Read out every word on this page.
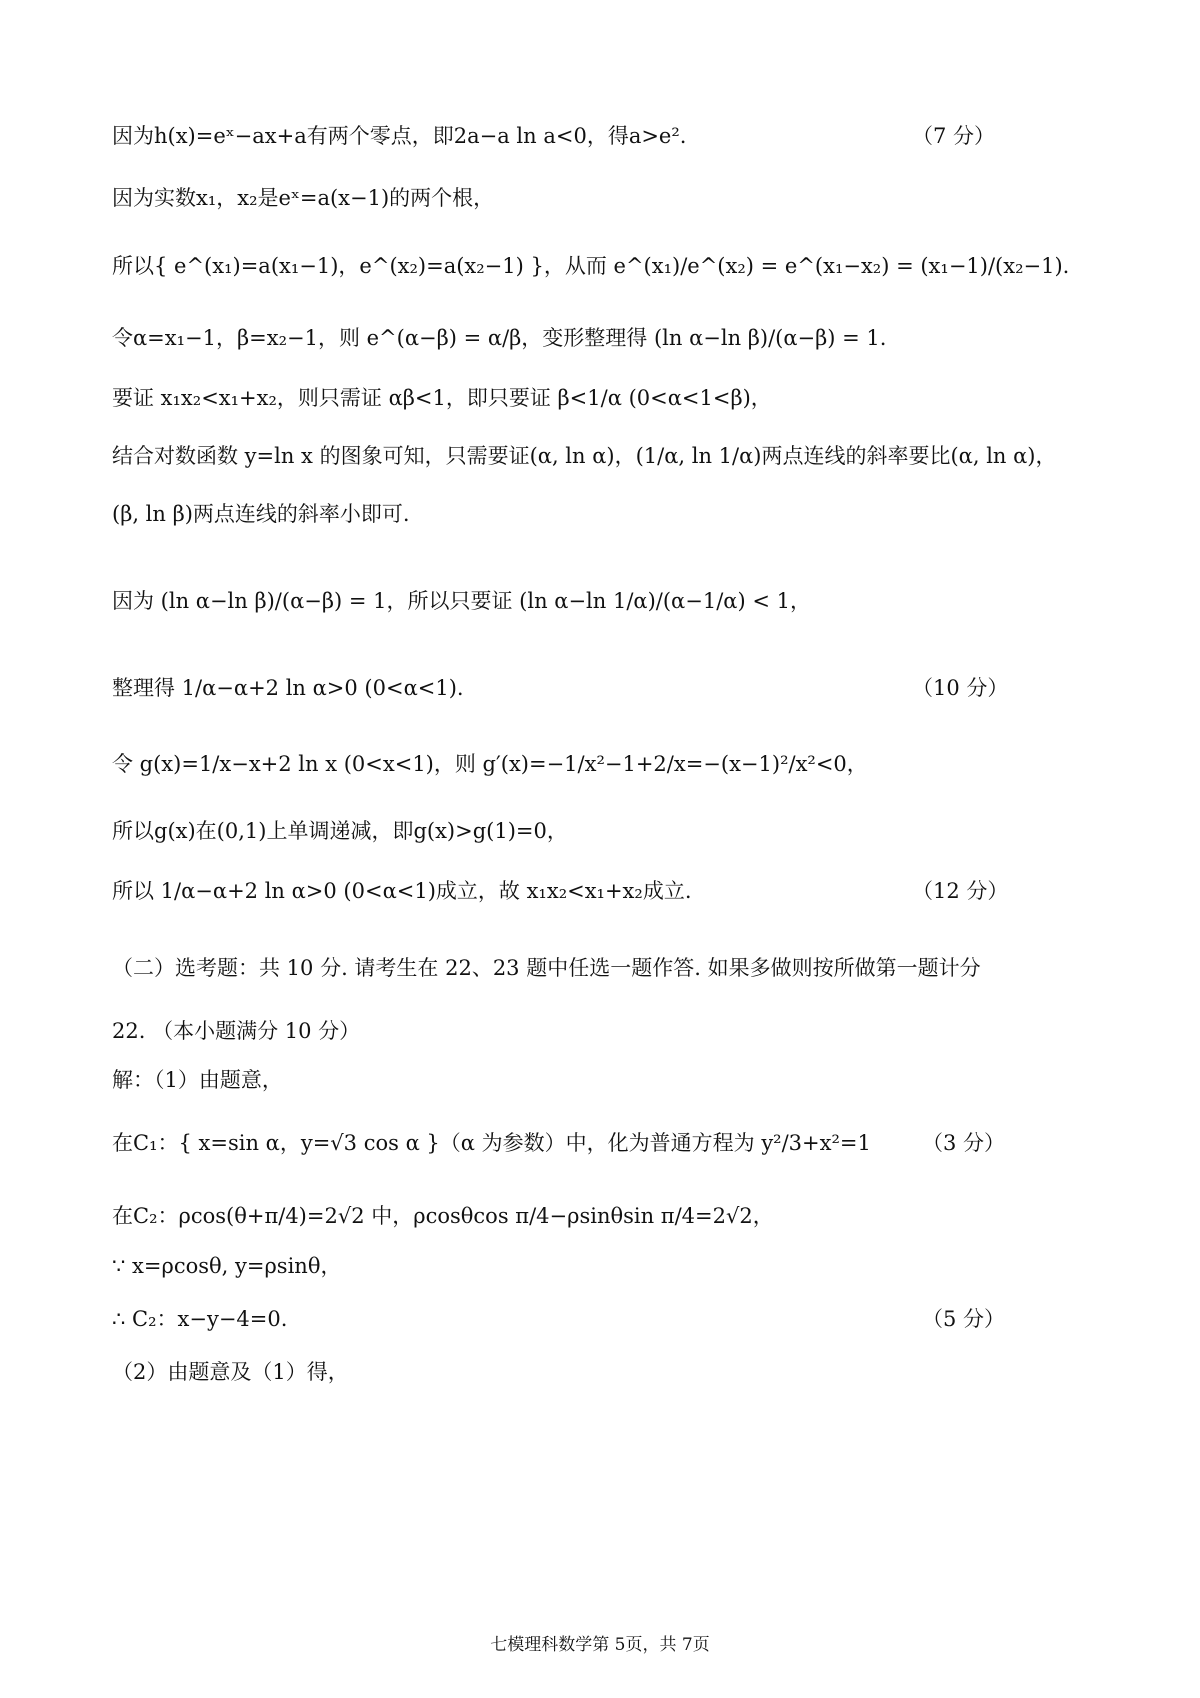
因为h(x)=eˣ−ax+a有两个零点，即2a−a ln a<0，得a>e².	（7 分）
因为实数x₁，x₂是eˣ=a(x−1)的两个根，
所以{ e^(x₁)=a(x₁−1)，e^(x₂)=a(x₂−1) }，从而 e^(x₁)/e^(x₂) = e^(x₁−x₂) = (x₁−1)/(x₂−1).
令α=x₁−1，β=x₂−1，则 e^(α−β) = α/β，变形整理得 (ln α−ln β)/(α−β) = 1.
要证 x₁x₂<x₁+x₂，则只需证 αβ<1，即只要证 β<1/α (0<α<1<β)，
结合对数函数 y=ln x 的图象可知，只需要证(α, ln α)，(1/α, ln 1/α)两点连线的斜率要比(α, ln α)，
(β, ln β)两点连线的斜率小即可.
因为 (ln α−ln β)/(α−β) = 1，所以只要证 (ln α−ln 1/α)/(α−1/α) < 1，
整理得 1/α−α+2 ln α>0 (0<α<1).	（10 分）
令 g(x)=1/x−x+2 ln x (0<x<1)，则 g′(x)=−1/x²−1+2/x=−(x−1)²/x²<0，
所以g(x)在(0,1)上单调递减，即g(x)>g(1)=0，
所以 1/α−α+2 ln α>0 (0<α<1)成立，故 x₁x₂<x₁+x₂成立.	（12 分）
（二）选考题：共 10 分. 请考生在 22、23 题中任选一题作答. 如果多做则按所做第一题计分
22. （本小题满分 10 分）
解：（1）由题意，
在C₁：{ x=sin α，y=√3 cos α }（α 为参数）中，化为普通方程为 y²/3+x²=1 （3 分）
在C₂：ρcos(θ+π/4)=2√2 中，ρcosθcos π/4−ρsinθsin π/4=2√2，
∵ x=ρcosθ, y=ρsinθ，
∴ C₂：x−y−4=0.	（5 分）
（2）由题意及（1）得，
七模理科数学第 5页，共 7页
